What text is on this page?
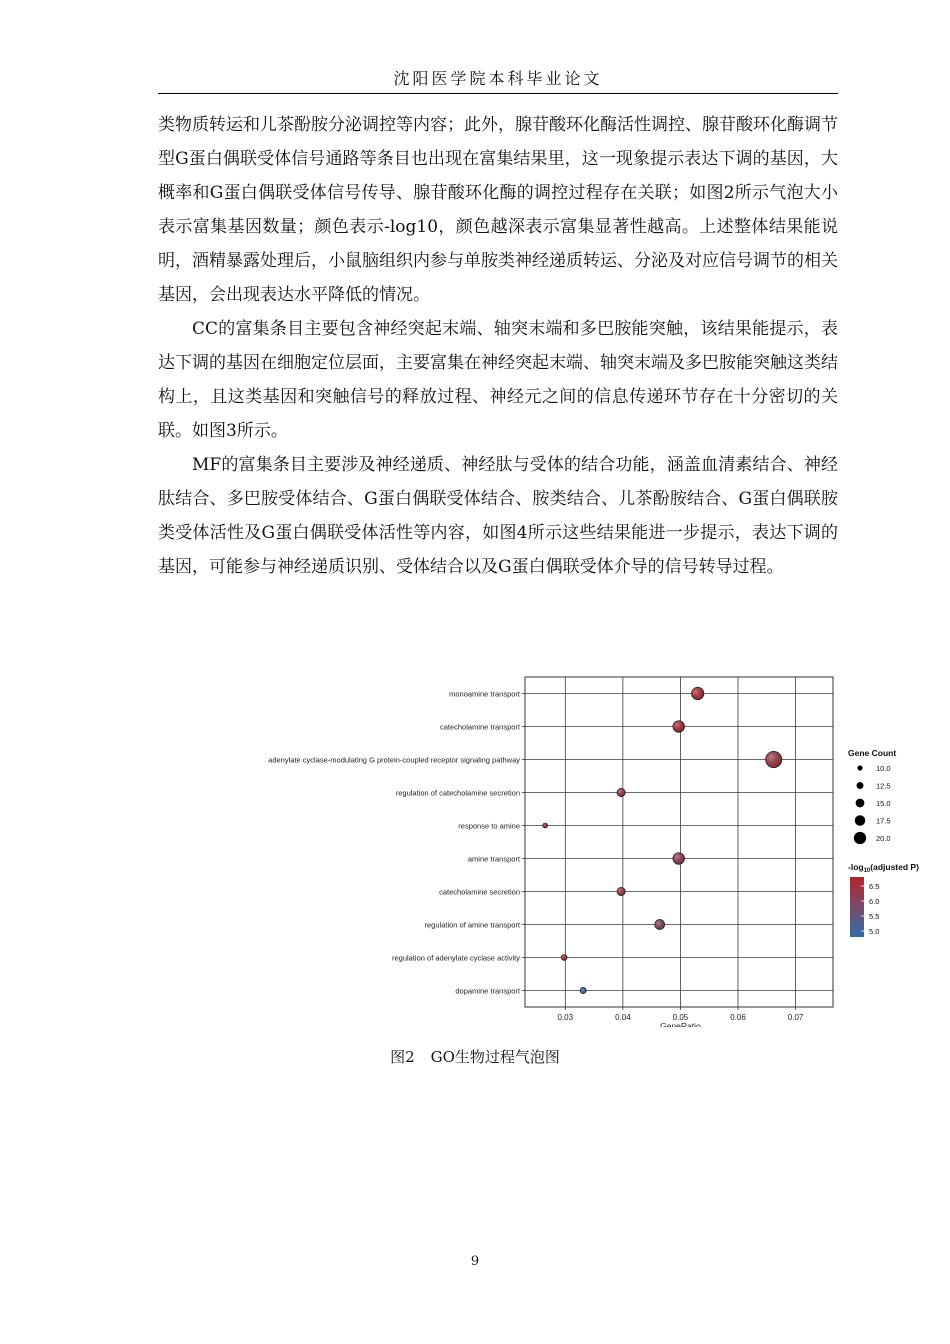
沈阳医学院本科毕业论文

类物质转运和儿茶酚胺分泌调控等内容；此外，腺苷酸环化酶活性调控、腺苷酸环化酶调节型G蛋白偶联受体信号通路等条目也出现在富集结果里，这一现象提示表达下调的基因，大概率和G蛋白偶联受体信号传导、腺苷酸环化酶的调控过程存在关联；如图2所示气泡大小表示富集基因数量；颜色表示-log10，颜色越深表示富集显著性越高。上述整体结果能说明，酒精暴露处理后，小鼠脑组织内参与单胺类神经递质转运、分泌及对应信号调节的相关基因，会出现表达水平降低的情况。

CC的富集条目主要包含神经突起末端、轴突末端和多巴胺能突触，该结果能提示，表达下调的基因在细胞定位层面，主要富集在神经突起末端、轴突末端及多巴胺能突触这类结构上，且这类基因和突触信号的释放过程、神经元之间的信息传递环节存在十分密切的关联。如图3所示。

MF的富集条目主要涉及神经递质、神经肽与受体的结合功能，涵盖血清素结合、神经肽结合、多巴胺受体结合、G蛋白偶联受体结合、胺类结合、儿茶酚胺结合、G蛋白偶联胺类受体活性及G蛋白偶联受体活性等内容，如图4所示这些结果能进一步提示，表达下调的基因，可能参与神经递质识别、受体结合以及G蛋白偶联受体介导的信号转导过程。

0.03	0.04	0.05	0.06	0.07
monoamine transport
catecholamine transport
adenylate cyclase-modulating G protein-coupled receptor signaling pathway
regulation of catecholamine secretion
response to amine
amine transport
catecholamine secretion
regulation of amine transport
regulation of adenylate cyclase activity
dopamine transport
GeneRatio
Gene Count
10.0
12.5
15.0
17.5
20.0
$-\log_{10}(adjusted$ P)
5.0
5.5
6.0
6.5
图2 GO生物过程气泡图
9
